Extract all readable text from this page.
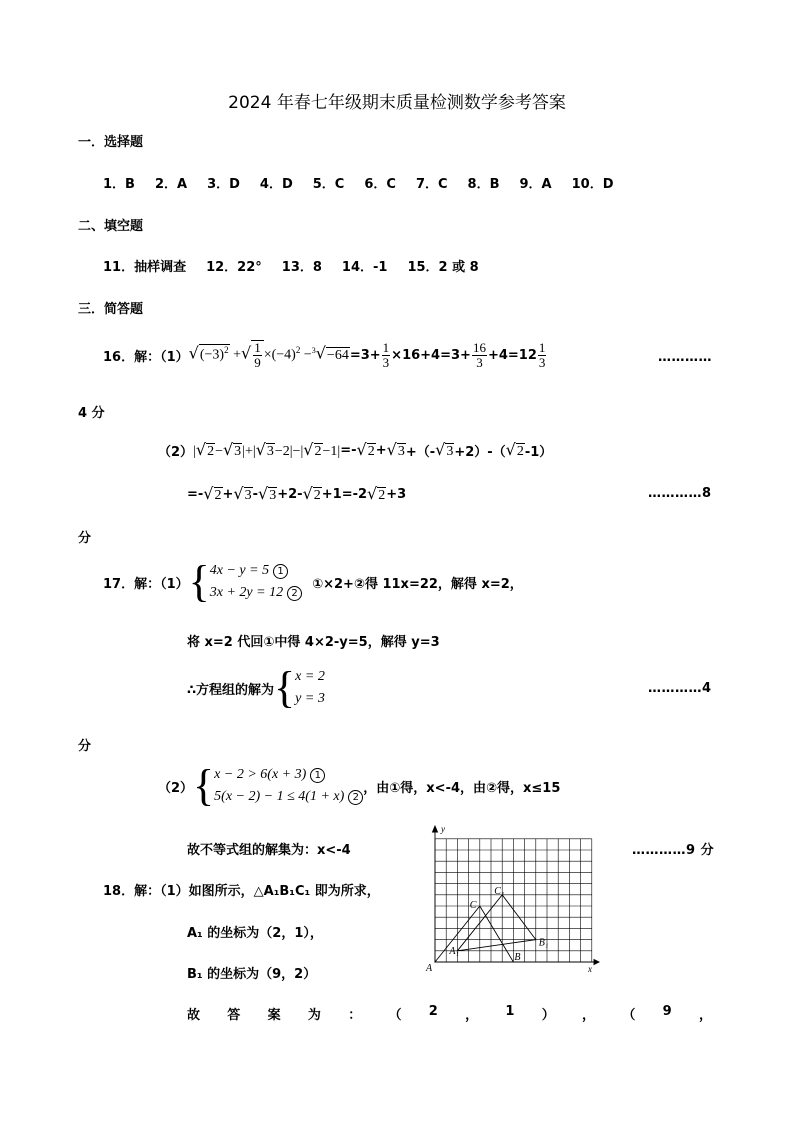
2024 年春七年级期末质量检测数学参考答案
一．选择题
1．B 2．A 3．D 4．D 5．C 6．C 7．C 8．B 9．A 10．D
二、填空题
11．抽样调查 12．22° 13．8 14．-1 15．2 或 8
三．简答题
16．解：（1） $√(-3)^2$ +√ $\frac{1}{9} \times(-4)^2 -^3√-64 =3+ \frac{1}{3} \times 16+4=3+ \frac{16}{3} +4=12 \frac{1}{3}$	…………
4 分
（2） |√2−√3|+|√3−2|−|√2−1| =- √2 + √3 +（- √3 +2）-（ √2 -1）
=- √2 + √3 - √3 +2- √2 +1=-2 √2 +3	…………8
分
17．解：（1） { 4x − y = 5 1
3x + 2y = 12 2
①×2+②得 11x=22，解得 x=2，
将 x=2 代回①中得 4×2-y=5，解得 y=3
∴方程组的解为 { x = 2
y = 3
…………4
分
（2） { x − 2 > 6(x + 3) 1
5(x − 2) − 1 ≤ 4(1 + x) 2
，由①得，x<-4，由②得，x≤15
故不等式组的解集为：x<-4	…………9 分
18．解：（1）如图所示，△A₁B₁C₁ 即为所求，
A₁ 的坐标为（2，1），
B₁ 的坐标为（9，2）
故 答 案 为 ： （ 2 ， 1 ） ， （ 9 ，
y
x
A
B
C
A₁
B₁
C₁
